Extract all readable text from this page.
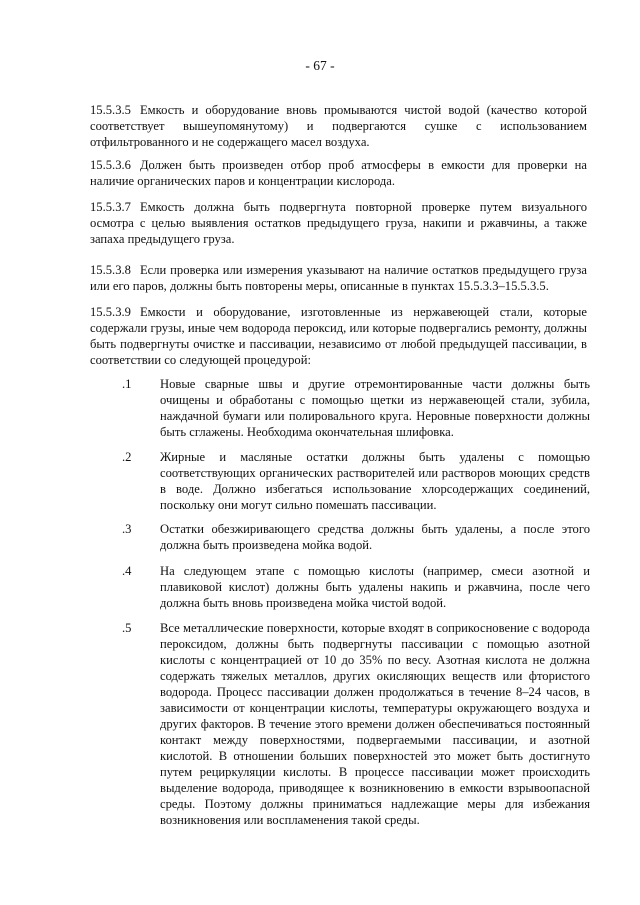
- 67 -
15.5.3.5 Емкость и оборудование вновь промываются чистой водой (качество которой соответствует вышеупомянутому) и подвергаются сушке с использованием отфильтрованного и не содержащего масел воздуха.
15.5.3.6 Должен быть произведен отбор проб атмосферы в емкости для проверки на наличие органических паров и концентрации кислорода.
15.5.3.7 Емкость должна быть подвергнута повторной проверке путем визуального осмотра с целью выявления остатков предыдущего груза, накипи и ржавчины, а также запаха предыдущего груза.
15.5.3.8 Если проверка или измерения указывают на наличие остатков предыдущего груза или его паров, должны быть повторены меры, описанные в пунктах 15.5.3.3–15.5.3.5.
15.5.3.9 Емкости и оборудование, изготовленные из нержавеющей стали, которые содержали грузы, иные чем водорода пероксид, или которые подвергались ремонту, должны быть подвергнуты очистке и пассивации, независимо от любой предыдущей пассивации, в соответствии со следующей процедурой:
.1	Новые сварные швы и другие отремонтированные части должны быть очищены и обработаны с помощью щетки из нержавеющей стали, зубила, наждачной бумаги или полировального круга. Неровные поверхности должны быть сглажены. Необходима окончательная шлифовка.
.2	Жирные и масляные остатки должны быть удалены с помощью соответствующих органических растворителей или растворов моющих средств в воде. Должно избегаться использование хлорсодержащих соединений, поскольку они могут сильно помешать пассивации.
.3	Остатки обезжиривающего средства должны быть удалены, а после этого должна быть произведена мойка водой.
.4	На следующем этапе с помощью кислоты (например, смеси азотной и плавиковой кислот) должны быть удалены накипь и ржавчина, после чего должна быть вновь произведена мойка чистой водой.
.5	Все металлические поверхности, которые входят в соприкосновение с водорода пероксидом, должны быть подвергнуты пассивации с помощью азотной кислоты с концентрацией от 10 до 35% по весу. Азотная кислота не должна содержать тяжелых металлов, других окисляющих веществ или фтористого водорода. Процесс пассивации должен продолжаться в течение 8–24 часов, в зависимости от концентрации кислоты, температуры окружающего воздуха и других факторов. В течение этого времени должен обеспечиваться постоянный контакт между поверхностями, подвергаемыми пассивации, и азотной кислотой. В отношении больших поверхностей это может быть достигнуто путем рециркуляции кислоты. В процессе пассивации может происходить выделение водорода, приводящее к возникновению в емкости взрывоопасной среды. Поэтому должны приниматься надлежащие меры для избежания возникновения или воспламенения такой среды.
